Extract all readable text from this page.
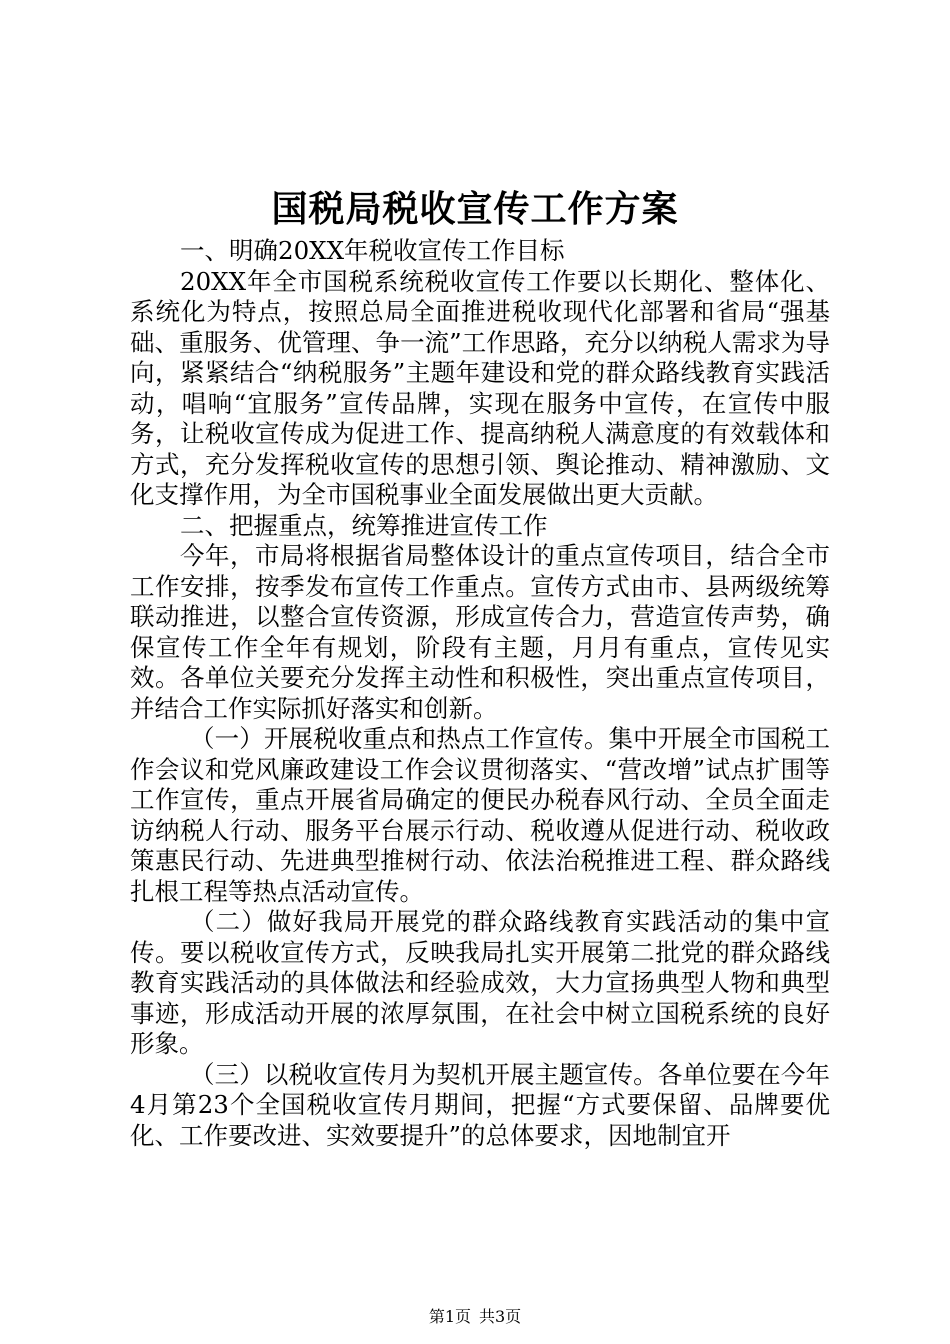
国税局税收宣传工作方案

一、明确20XX年税收宣传工作目标

20XX年全市国税系统税收宣传工作要以长期化、整体化、系统化为特点，按照总局全面推进税收现代化部署和省局“强基础、重服务、优管理、争一流”工作思路，充分以纳税人需求为导向，紧紧结合“纳税服务”主题年建设和党的群众路线教育实践活动，唱响“宜服务”宣传品牌，实现在服务中宣传，在宣传中服务，让税收宣传成为促进工作、提高纳税人满意度的有效载体和方式，充分发挥税收宣传的思想引领、舆论推动、精神激励、文化支撑作用，为全市国税事业全面发展做出更大贡献。

二、把握重点，统筹推进宣传工作

今年，市局将根据省局整体设计的重点宣传项目，结合全市工作安排，按季发布宣传工作重点。宣传方式由市、县两级统筹联动推进，以整合宣传资源，形成宣传合力，营造宣传声势，确保宣传工作全年有规划，阶段有主题，月月有重点，宣传见实效。各单位关要充分发挥主动性和积极性，突出重点宣传项目，并结合工作实际抓好落实和创新。

（一）开展税收重点和热点工作宣传。集中开展全市国税工作会议和党风廉政建设工作会议贯彻落实、“营改增”试点扩围等工作宣传，重点开展省局确定的便民办税春风行动、全员全面走访纳税人行动、服务平台展示行动、税收遵从促进行动、税收政策惠民行动、先进典型推树行动、依法治税推进工程、群众路线扎根工程等热点活动宣传。

（二）做好我局开展党的群众路线教育实践活动的集中宣传。要以税收宣传方式，反映我局扎实开展第二批党的群众路线教育实践活动的具体做法和经验成效，大力宣扬典型人物和典型事迹，形成活动开展的浓厚氛围，在社会中树立国税系统的良好形象。

（三）以税收宣传月为契机开展主题宣传。各单位要在今年4月第23个全国税收宣传月期间，把握“方式要保留、品牌要优化、工作要改进、实效要提升”的总体要求，因地制宜开

第1页 共3页
